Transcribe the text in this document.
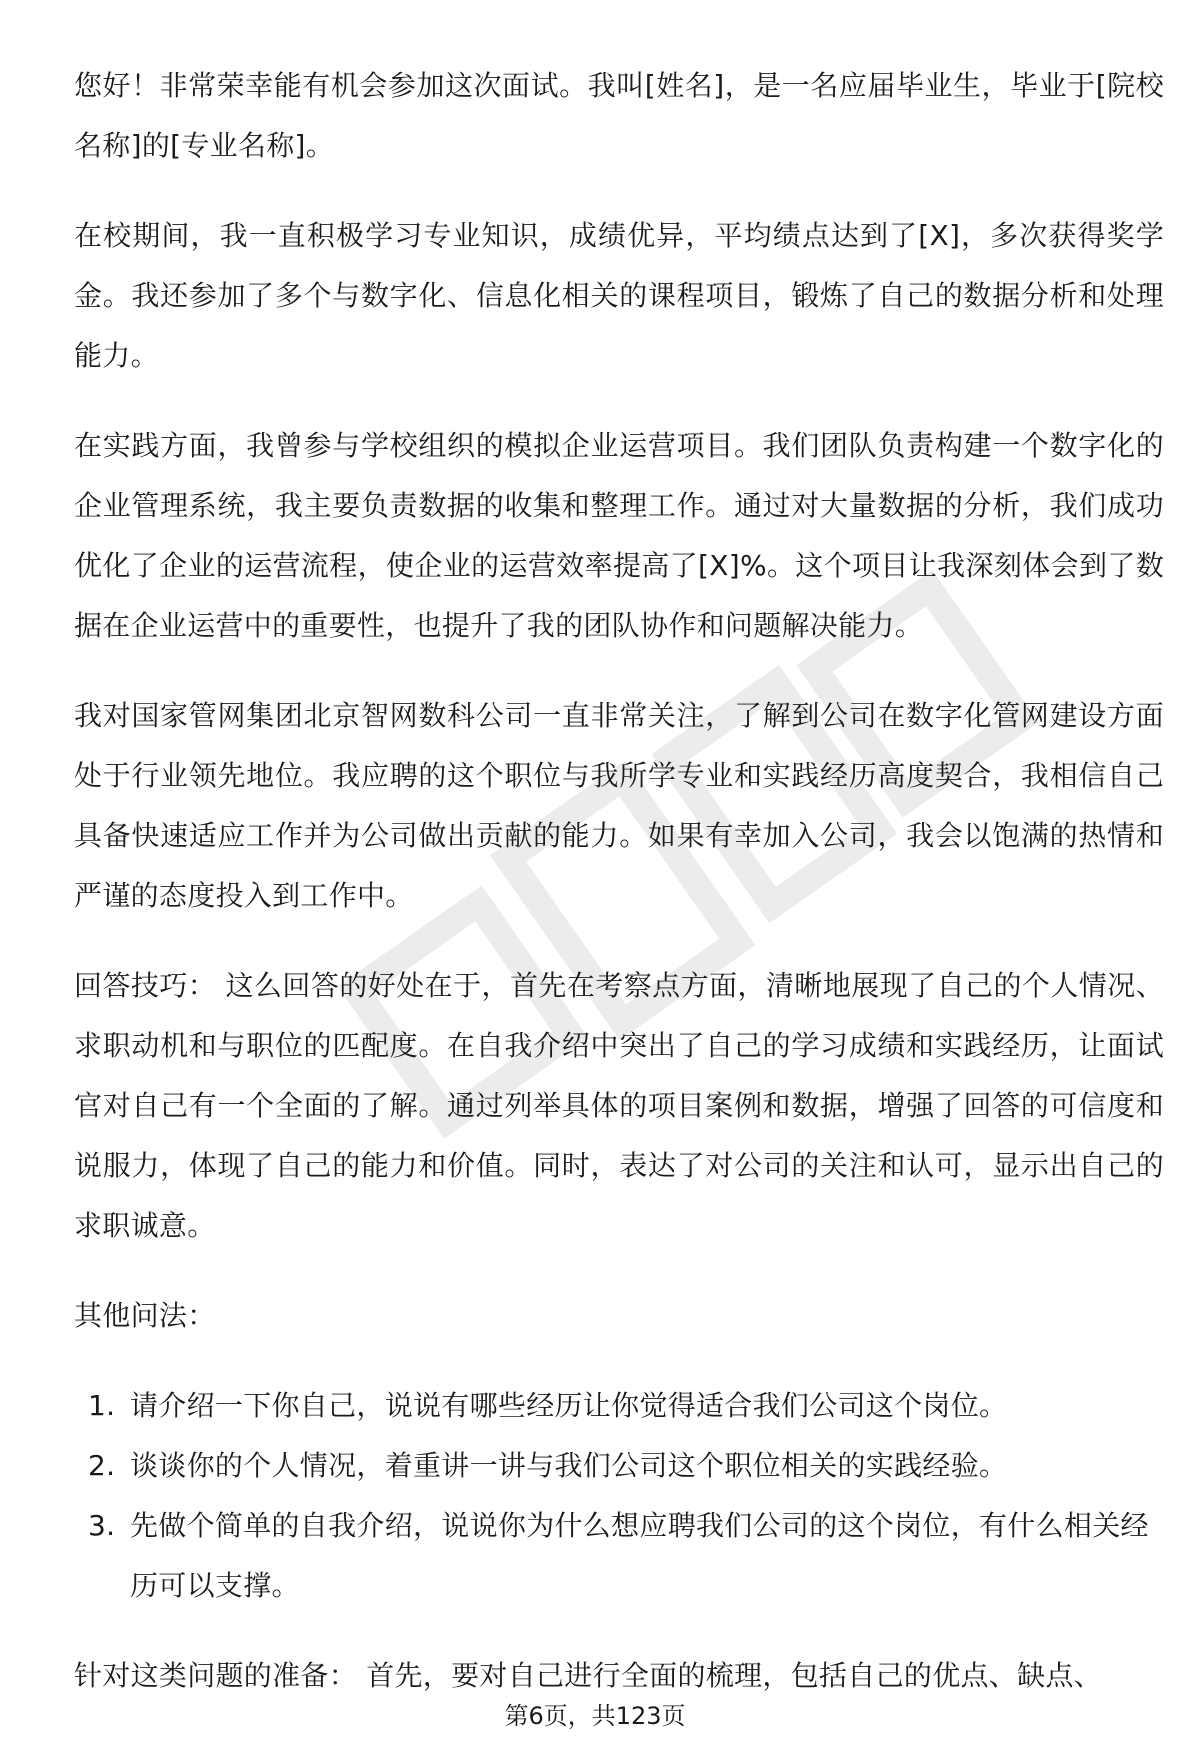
您好！非常荣幸能有机会参加这次面试。我叫[姓名]，是一名应届毕业生，毕业于[院校名称]的[专业名称]。

在校期间，我一直积极学习专业知识，成绩优异，平均绩点达到了[X]，多次获得奖学金。我还参加了多个与数字化、信息化相关的课程项目，锻炼了自己的数据分析和处理能力。

在实践方面，我曾参与学校组织的模拟企业运营项目。我们团队负责构建一个数字化的企业管理系统，我主要负责数据的收集和整理工作。通过对大量数据的分析，我们成功优化了企业的运营流程，使企业的运营效率提高了[X]%。这个项目让我深刻体会到了数据在企业运营中的重要性，也提升了我的团队协作和问题解决能力。

我对国家管网集团北京智网数科公司一直非常关注，了解到公司在数字化管网建设方面处于行业领先地位。我应聘的这个职位与我所学专业和实践经历高度契合，我相信自己具备快速适应工作并为公司做出贡献的能力。如果有幸加入公司，我会以饱满的热情和严谨的态度投入到工作中。

回答技巧： 这么回答的好处在于，首先在考察点方面，清晰地展现了自己的个人情况、求职动机和与职位的匹配度。在自我介绍中突出了自己的学习成绩和实践经历，让面试官对自己有一个全面的了解。通过列举具体的项目案例和数据，增强了回答的可信度和说服力，体现了自己的能力和价值。同时，表达了对公司的关注和认可，显示出自己的求职诚意。

其他问法：

1. 请介绍一下你自己，说说有哪些经历让你觉得适合我们公司这个岗位。
2. 谈谈你的个人情况，着重讲一讲与我们公司这个职位相关的实践经验。
3. 先做个简单的自我介绍，说说你为什么想应聘我们公司的这个岗位，有什么相关经历可以支撑。

针对这类问题的准备： 首先，要对自己进行全面的梳理，包括自己的优点、缺点、

第6页，共123页
